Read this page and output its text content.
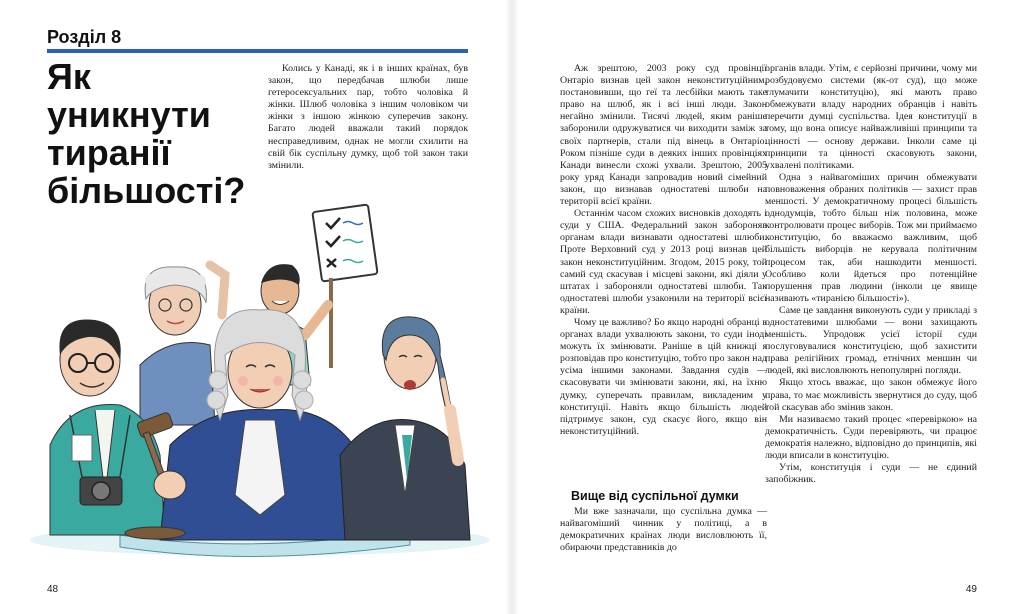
Розділ 8
Як уникнути
тиранії
більшості?

Колись у Канаді, як і в інших країнах, був закон, що передбачав шлюби лише гетеросексуальних пар, тобто чоловіка й жінки. Шлюб чоловіка з іншим чоловіком чи жінки з іншою жінкою суперечив закону. Багато людей вважали такий порядок несправедливим, однак не могли схилити на свій бік суспільну думку, щоб той закон таки змінили.

48

Аж зрештою, 2003 року суд провінції Онтаріо визнав цей закон неконституційним, постановивши, що геї та лесбійки мають таке право на шлюб, як і всі інші люди. Закон негайно змінили. Тисячі людей, яким раніше заборонили одружуватися чи виходити заміж за своїх партнерів, стали під вінець в Онтаріо. Роком пізніше суди в деяких інших провінціях Канади винесли схожі ухвали. Зрештою, 2005 року уряд Канади запровадив новий сімейний закон, що визнавав одностатеві шлюби на території всієї країни.

Останнім часом схожих висновків доходять і суди у США. Федеральний закон забороняв органам влади визнавати одностатеві шлюби. Проте Верховний суд у 2013 році визнав цей закон неконституційним. Згодом, 2015 року, той самий суд скасував і місцеві закони, які діяли у штатах і забороняли одностатеві шлюби. Так одностатеві шлюби узаконили на території всієї країни.

Чому це важливо? Бо якщо народні обранці в органах влади ухвалюють закони, то суди іноді можуть їх змінювати. Раніше в цій книжці я розповідав про конституцію, тобто про закон над усіма іншими законами. Завдання судів — скасовувати чи змінювати закони, які, на їхню думку, суперечать правилам, викладеним у конституції. Навіть якщо більшість людей підтримує закон, суд скасує його, якщо він неконституційний.

Вище від суспільної думки

Ми вже зазначали, що суспільна думка — найвагоміший чинник у політиці, а в демократичних країнах люди висловлюють її, обираючи представників до

органів влади. Утім, є серйозні причини, чому ми розбудовуємо системи (як-от суд), що може тлумачити конституцію), які мають право обмежувати владу народних обранців і навіть перечити думці суспільства. Ідея конституції в тому, що вона описує найважливіші принципи та цінності — основу держави. Інколи саме ці принципи та цінності скасовують закони, ухвалені політиками.

Одна з найвагоміших причин обмежувати повноваження обраних політиків — захист прав меншості. У демократичному процесі більшість однодумців, тобто більш ніж половина, може контролювати процес виборів. Тож ми приймаємо конституцію, бо вважаємо важливим, щоб більшість виборців не керувала політичним процесом так, аби нашкодити меншості. Особливо коли йдеться про потенційне порушення прав людини (інколи це явище називають «тиранією більшості»).

Саме це завдання виконують суди у прикладі з одностатевими шлюбами — вони захищають меншість. Упродовж усієї історії суди послуговувалися конституцією, щоб захистити права релігійних громад, етнічних меншин чи людей, які висловлюють непопулярні погляди.

Якщо хтось вважає, що закон обмежує його права, то має можливість звернутися до суду, щоб той скасував або змінив закон.

Ми називаємо такий процес «перевіркою» на демократичність. Суди перевіряють, чи працює демократія належно, відповідно до принципів, які люди вписали в конституцію.

Утім, конституція і суди — не єдиний запобіжник.

49
